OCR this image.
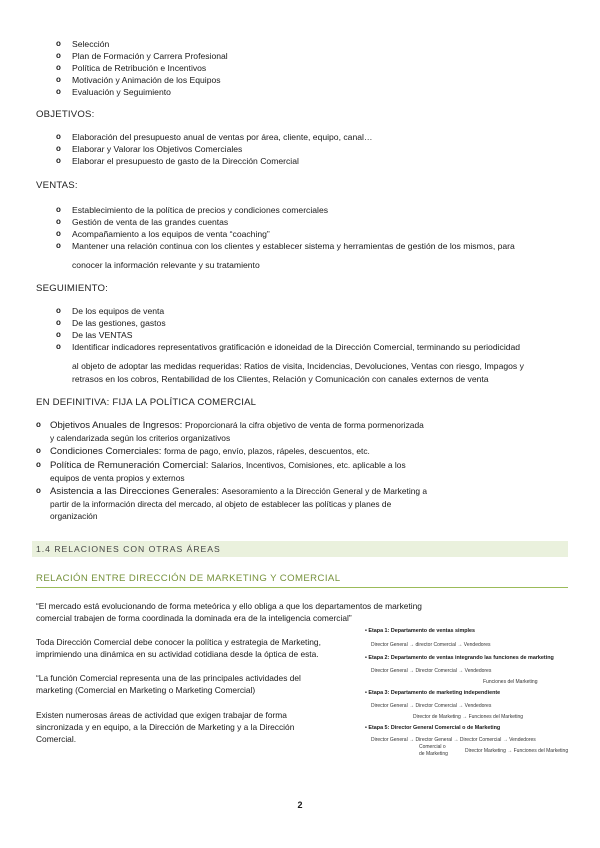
o Selección
o Plan de Formación y Carrera Profesional
o Política de Retribución e Incentivos
o Motivación y Animación de los Equipos
o Evaluación y Seguimiento
OBJETIVOS:
o Elaboración del presupuesto anual de ventas por área, cliente, equipo, canal…
o Elaborar y Valorar los Objetivos Comerciales
o Elaborar el presupuesto de gasto de la Dirección Comercial
VENTAS:
o Establecimiento de la política de precios y condiciones comerciales
o Gestión de venta de las grandes cuentas
o Acompañamiento a los equipos de venta “coaching”
o Mantener una relación continua con los clientes y establecer sistema y herramientas de gestión de los mismos, para
conocer la información relevante y su tratamiento
SEGUIMIENTO:
o De los equipos de venta
o De las gestiones, gastos
o De las VENTAS
o Identificar indicadores representativos gratificación e idoneidad de la Dirección Comercial, terminando su periodicidad
al objeto de adoptar las medidas requeridas: Ratios de visita, Incidencias, Devoluciones, Ventas con riesgo, Impagos y
retrasos en los cobros, Rentabilidad de los Clientes, Relación y Comunicación con canales externos de venta
EN DEFINITIVA: FIJA LA POLÍTICA COMERCIAL
o Objetivos Anuales de Ingresos: Proporcionará la cifra objetivo de venta de forma pormenorizada
y calendarizada según los criterios organizativos
o Condiciones Comerciales: forma de pago, envío, plazos, rápeles, descuentos, etc.
o Política de Remuneración Comercial: Salarios, Incentivos, Comisiones, etc. aplicable a los
equipos de venta propios y externos
o Asistencia a las Direcciones Generales: Asesoramiento a la Dirección General y de Marketing a
partir de la información directa del mercado, al objeto de establecer las políticas y planes de
organización
1.4 RELACIONES CON OTRAS ÁREAS
RELACIÓN ENTRE DIRECCIÓN DE MARKETING Y COMERCIAL
“El mercado está evolucionando de forma meteórica y ello obliga a que los departamentos de marketing
comercial trabajen de forma coordinada la dominada era de la inteligencia comercial”
Toda Dirección Comercial debe conocer la política y estrategia de Marketing,
imprimiendo una dinámica en su actividad cotidiana desde la óptica de esta.
“La función Comercial representa una de las principales actividades del
marketing (Comercial en Marketing o Marketing Comercial)
Existen numerosas áreas de actividad que exigen trabajar de forma
sincronizada y en equipo, a la Dirección de Marketing y a la Dirección
Comercial.
• Etapa 1: Departamento de ventas simples
Director General → director Comercial → Vendedores
• Etapa 2: Departamento de ventas integrando las funciones de marketing
Director General → Director Comercial → Vendedores
Funciones del Marketing
• Etapa 3: Departamento de marketing independiente
Director General → Director Comercial → Vendedores
Director de Marketing → Funciones del Marketing
• Etapa 5: Director General Comercial o de Marketing
Director General → Director General → Director Comercial → Vendedores
Comercial o
de Marketing	Director Marketing → Funciones del Marketing
2
